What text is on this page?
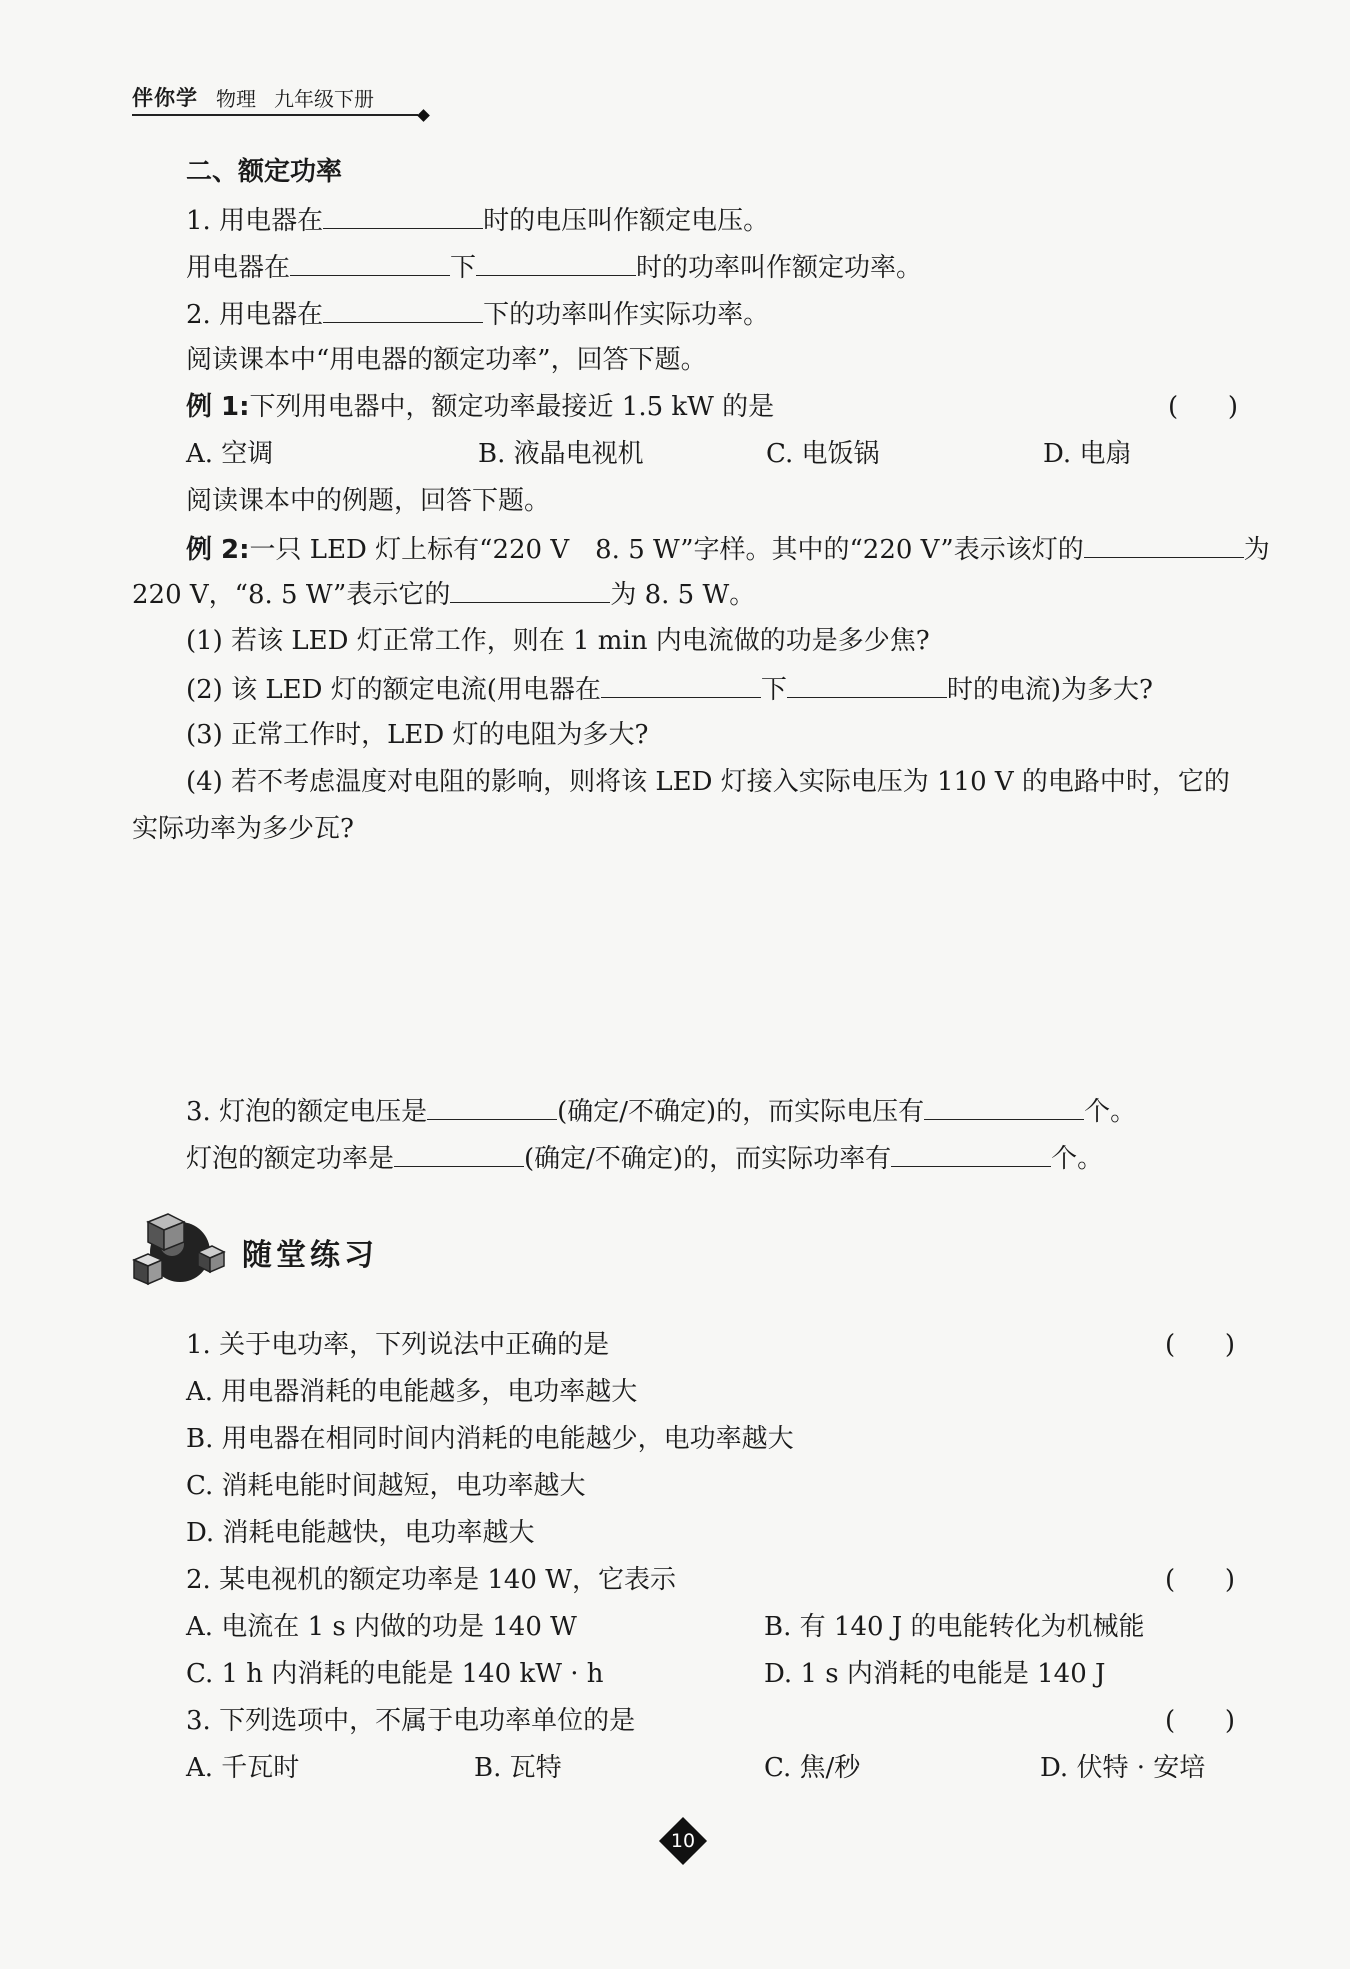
伴你学 物理 九年级下册
二、额定功率
1. 用电器在	时的电压叫作额定电压。
用电器在	下	时的功率叫作额定功率。
2. 用电器在	下的功率叫作实际功率。
阅读课本中“用电器的额定功率”，回答下题。
例 1:下列用电器中，额定功率最接近 1.5 kW 的是	( )
A. 空调	B. 液晶电视机	C. 电饭锅	D. 电扇
阅读课本中的例题，回答下题。
例 2:一只 LED 灯上标有“220 V　8. 5 W”字样。其中的“220 V”表示该灯的	为
220 V，“8. 5 W”表示它的	为 8. 5 W。
(1) 若该 LED 灯正常工作，则在 1 min 内电流做的功是多少焦?
(2) 该 LED 灯的额定电流(用电器在	下	时的电流)为多大?
(3) 正常工作时，LED 灯的电阻为多大?
(4) 若不考虑温度对电阻的影响，则将该 LED 灯接入实际电压为 110 V 的电路中时，它的
实际功率为多少瓦?
3. 灯泡的额定电压是	(确定/不确定)的，而实际电压有	个。
灯泡的额定功率是	(确定/不确定)的，而实际功率有	个。
随堂练习
1. 关于电功率，下列说法中正确的是	( )
A. 用电器消耗的电能越多，电功率越大
B. 用电器在相同时间内消耗的电能越少，电功率越大
C. 消耗电能时间越短，电功率越大
D. 消耗电能越快，电功率越大
2. 某电视机的额定功率是 140 W，它表示	( )
A. 电流在 1 s 内做的功是 140 W	B. 有 140 J 的电能转化为机械能
C. 1 h 内消耗的电能是 140 kW · h	D. 1 s 内消耗的电能是 140 J
3. 下列选项中，不属于电功率单位的是	( )
A. 千瓦时	B. 瓦特	C. 焦/秒	D. 伏特 · 安培
10
